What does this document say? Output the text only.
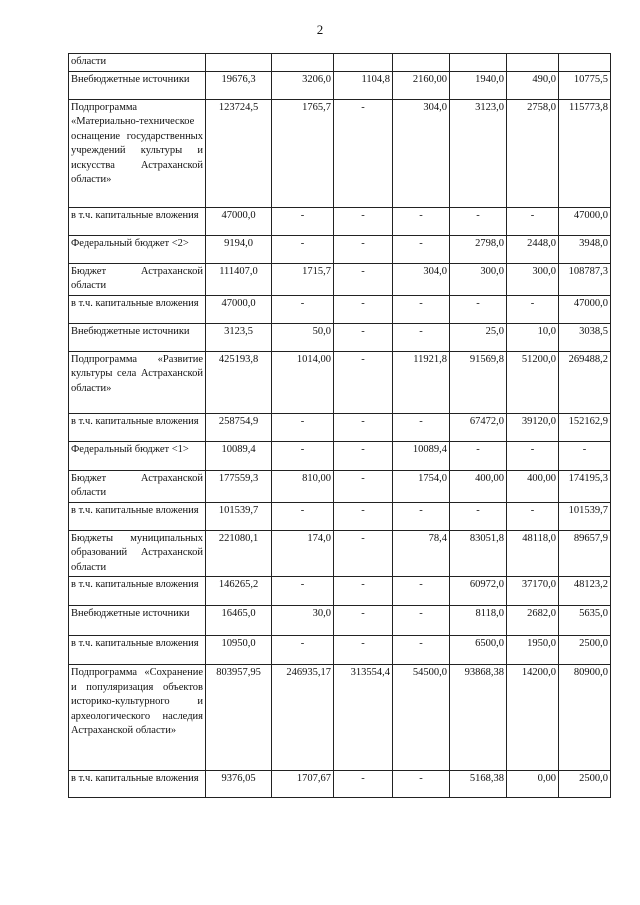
2
области							
Внебюджетные источники	19676,3	3206,0	1104,8	2160,00	1940,0	490,0	10775,5
Подпрограмма «Материально-техническое оснащение государственных учреждений культуры и искусства Астраханской области»	123724,5	1765,7	-	304,0	3123,0	2758,0	115773,8
в т.ч. капитальные вложения	47000,0	-	-	-	-	-	47000,0
Федеральный бюджет <2>	9194,0	-	-	-	2798,0	2448,0	3948,0
Бюджет Астраханской области	111407,0	1715,7	-	304,0	300,0	300,0	108787,3
в т.ч. капитальные вложения	47000,0	-	-	-	-	-	47000,0
Внебюджетные источники	3123,5	50,0	-	-	25,0	10,0	3038,5
Подпрограмма «Развитие культуры села Астраханской области»	425193,8	1014,00	-	11921,8	91569,8	51200,0	269488,2
в т.ч. капитальные вложения	258754,9	-	-	-	67472,0	39120,0	152162,9
Федеральный бюджет <1>	10089,4	-	-	10089,4	-	-	-
Бюджет Астраханской области	177559,3	810,00	-	1754,0	400,00	400,00	174195,3
в т.ч. капитальные вложения	101539,7	-	-	-	-	-	101539,7
Бюджеты муниципальных образований Астраханской области	221080,1	174,0	-	78,4	83051,8	48118,0	89657,9
в т.ч. капитальные вложения	146265,2	-	-	-	60972,0	37170,0	48123,2
Внебюджетные источники	16465,0	30,0	-	-	8118,0	2682,0	5635,0
в т.ч. капитальные вложения	10950,0	-	-	-	6500,0	1950,0	2500,0
Подпрограмма «Сохранение и популяризация объектов историко-культурного и археологического наследия Астраханской области»	803957,95	246935,17	313554,4	54500,0	93868,38	14200,0	80900,0
в т.ч. капитальные вложения	9376,05	1707,67	-	-	5168,38	0,00	2500,0
